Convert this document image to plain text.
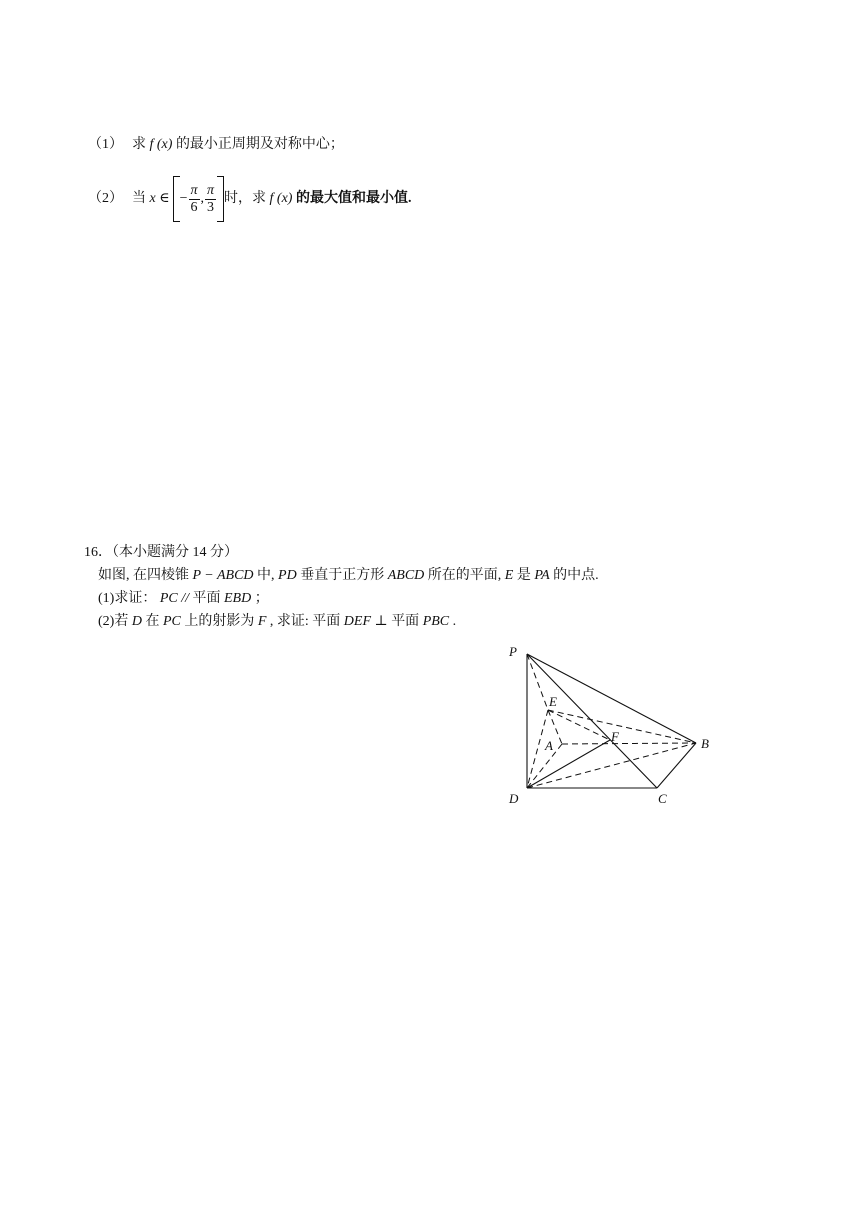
（1） 求 f (x) 的最小正周期及对称中心；
（2） 当 x ∈ − $\frac{\pi}{6}$ , $\frac{\pi}{3}$ 时，求 f (x) 的最大值和最小值.
16．（本小题满分 14 分）
如图, 在四棱锥 P − ABCD 中, PD 垂直于正方形 ABCD 所在的平面, E 是 PA 的中点.
(1)求证： PC // 平面 EBD ；
(2)若 D 在 PC 上的射影为 F , 求证: 平面 DEF ⊥ 平面 PBC .
P
E
A
F	B
D	C
